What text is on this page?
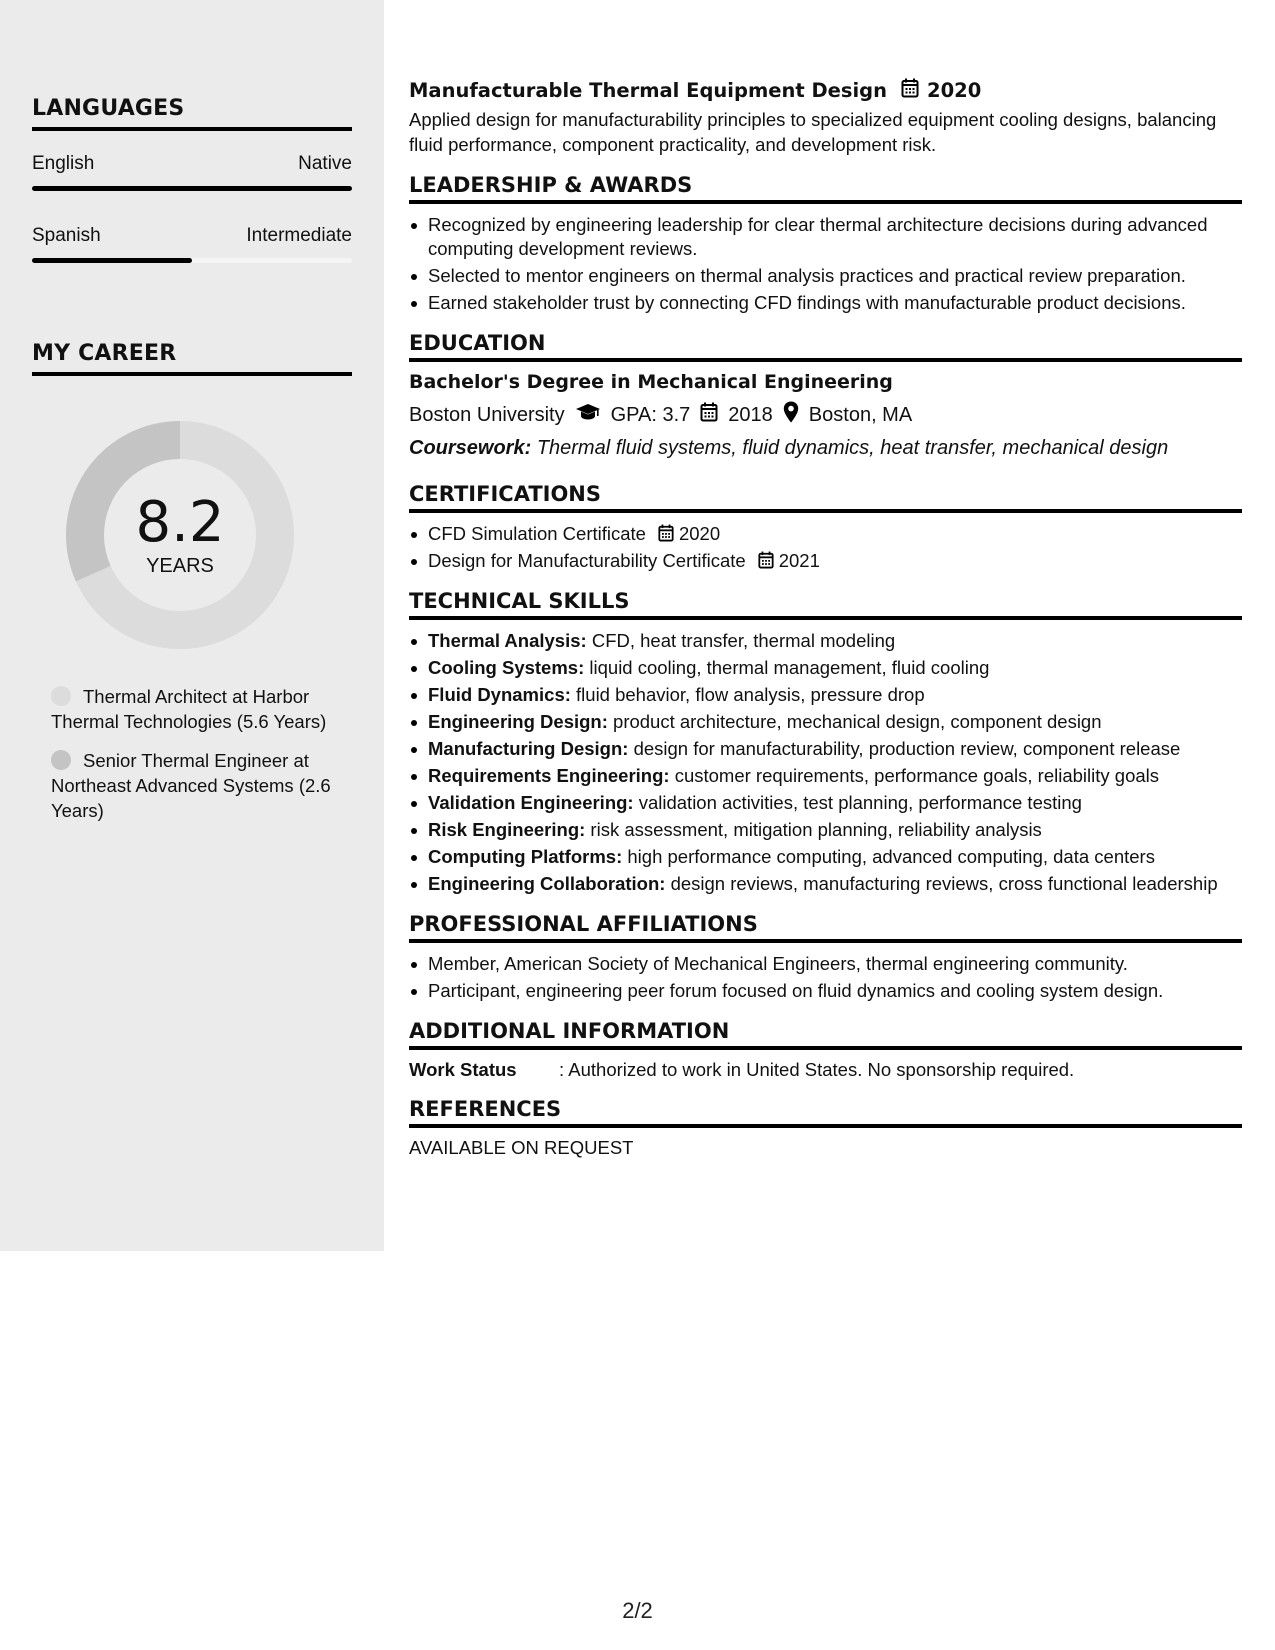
LANGUAGES
English	Native
Spanish	Intermediate
MY CAREER
8.2
YEARS
Thermal Architect at Harbor Thermal Technologies (5.6 Years)
Senior Thermal Engineer at Northeast Advanced Systems (2.6 Years)
Manufacturable Thermal Equipment Design 2020
Applied design for manufacturability principles to specialized equipment cooling designs, balancing fluid performance, component practicality, and development risk.
LEADERSHIP & AWARDS
Recognized by engineering leadership for clear thermal architecture decisions during advanced computing development reviews.
Selected to mentor engineers on thermal analysis practices and practical review preparation.
Earned stakeholder trust by connecting CFD findings with manufacturable product decisions.
EDUCATION
Bachelor's Degree in Mechanical Engineering
Boston University GPA: 3.7 2018 Boston, MA
Coursework: Thermal fluid systems, fluid dynamics, heat transfer, mechanical design
CERTIFICATIONS
CFD Simulation Certificate 2020
Design for Manufacturability Certificate 2021
TECHNICAL SKILLS
Thermal Analysis: CFD, heat transfer, thermal modeling
Cooling Systems: liquid cooling, thermal management, fluid cooling
Fluid Dynamics: fluid behavior, flow analysis, pressure drop
Engineering Design: product architecture, mechanical design, component design
Manufacturing Design: design for manufacturability, production review, component release
Requirements Engineering: customer requirements, performance goals, reliability goals
Validation Engineering: validation activities, test planning, performance testing
Risk Engineering: risk assessment, mitigation planning, reliability analysis
Computing Platforms: high performance computing, advanced computing, data centers
Engineering Collaboration: design reviews, manufacturing reviews, cross functional leadership
PROFESSIONAL AFFILIATIONS
Member, American Society of Mechanical Engineers, thermal engineering community.
Participant, engineering peer forum focused on fluid dynamics and cooling system design.
ADDITIONAL INFORMATION
Work Status	: Authorized to work in United States. No sponsorship required.
REFERENCES
AVAILABLE ON REQUEST
2/2
